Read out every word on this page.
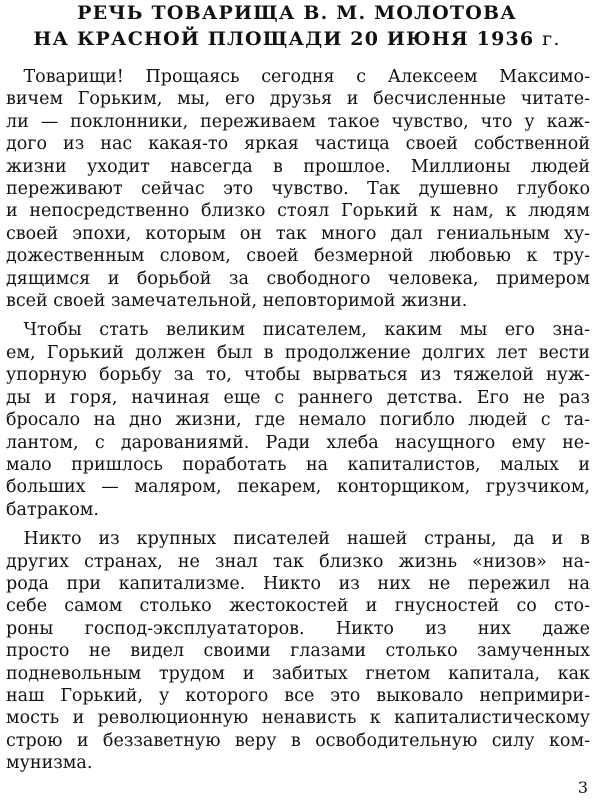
РЕЧЬ ТОВАРИЩА В. М. МОЛОТОВА
НА КРАСНОЙ ПЛОЩАДИ 20 ИЮНЯ 1936 г.

 Товарищи! Прощаясь сегодня с Алексеем Максимо-

вичем Горьким, мы, его друзья и бесчисленные читате-

ли — поклонники, переживаем такое чувство, что у каж-

дого из нас какая-то яркая частица своей собственной

жизни уходит навсегда в прошлое. Миллионы людей

переживают сейчас это чувство. Так душевно глубоко

и непосредственно близко стоял Горький к нам, к людям

своей эпохи, которым он так много дал гениальным ху-

дожественным словом, своей безмерной любовью к тру-

дящимся и борьбой за свободного человека, примером

всей своей замечательной, неповторимой жизни.

 Чтобы стать великим писателем, каким мы его зна-

ем, Горький должен был в продолжение долгих лет вести

упорную борьбу за то, чтобы вырваться из тяжелой нуж-

ды и горя, начиная еще с раннего детства. Его не раз

бросало на дно жизни, где немало погибло людей с та-

лантом, с дарованиямй. Ради хлеба насущного ему не-

мало пришлось поработать на капиталистов, малых и

больших — маляром, пекарем, конторщиком, грузчиком,

батраком.

 Никто из крупных писателей нашей страны, да и в

других странах, не знал так близко жизнь «низов» на-

рода при капитализме. Никто из них не пережил на

себе самом столько жестокостей и гнусностей со сто-

роны господ-эксплуататоров. Никто из них даже

просто не видел своими глазами столько замученных

подневольным трудом и забитых гнетом капитала, как

наш Горький, у которого все это выковало непримири-

мость и революционную ненависть к капиталистическому

строю и беззаветную веру в освободительную силу ком-

мунизма.

3
